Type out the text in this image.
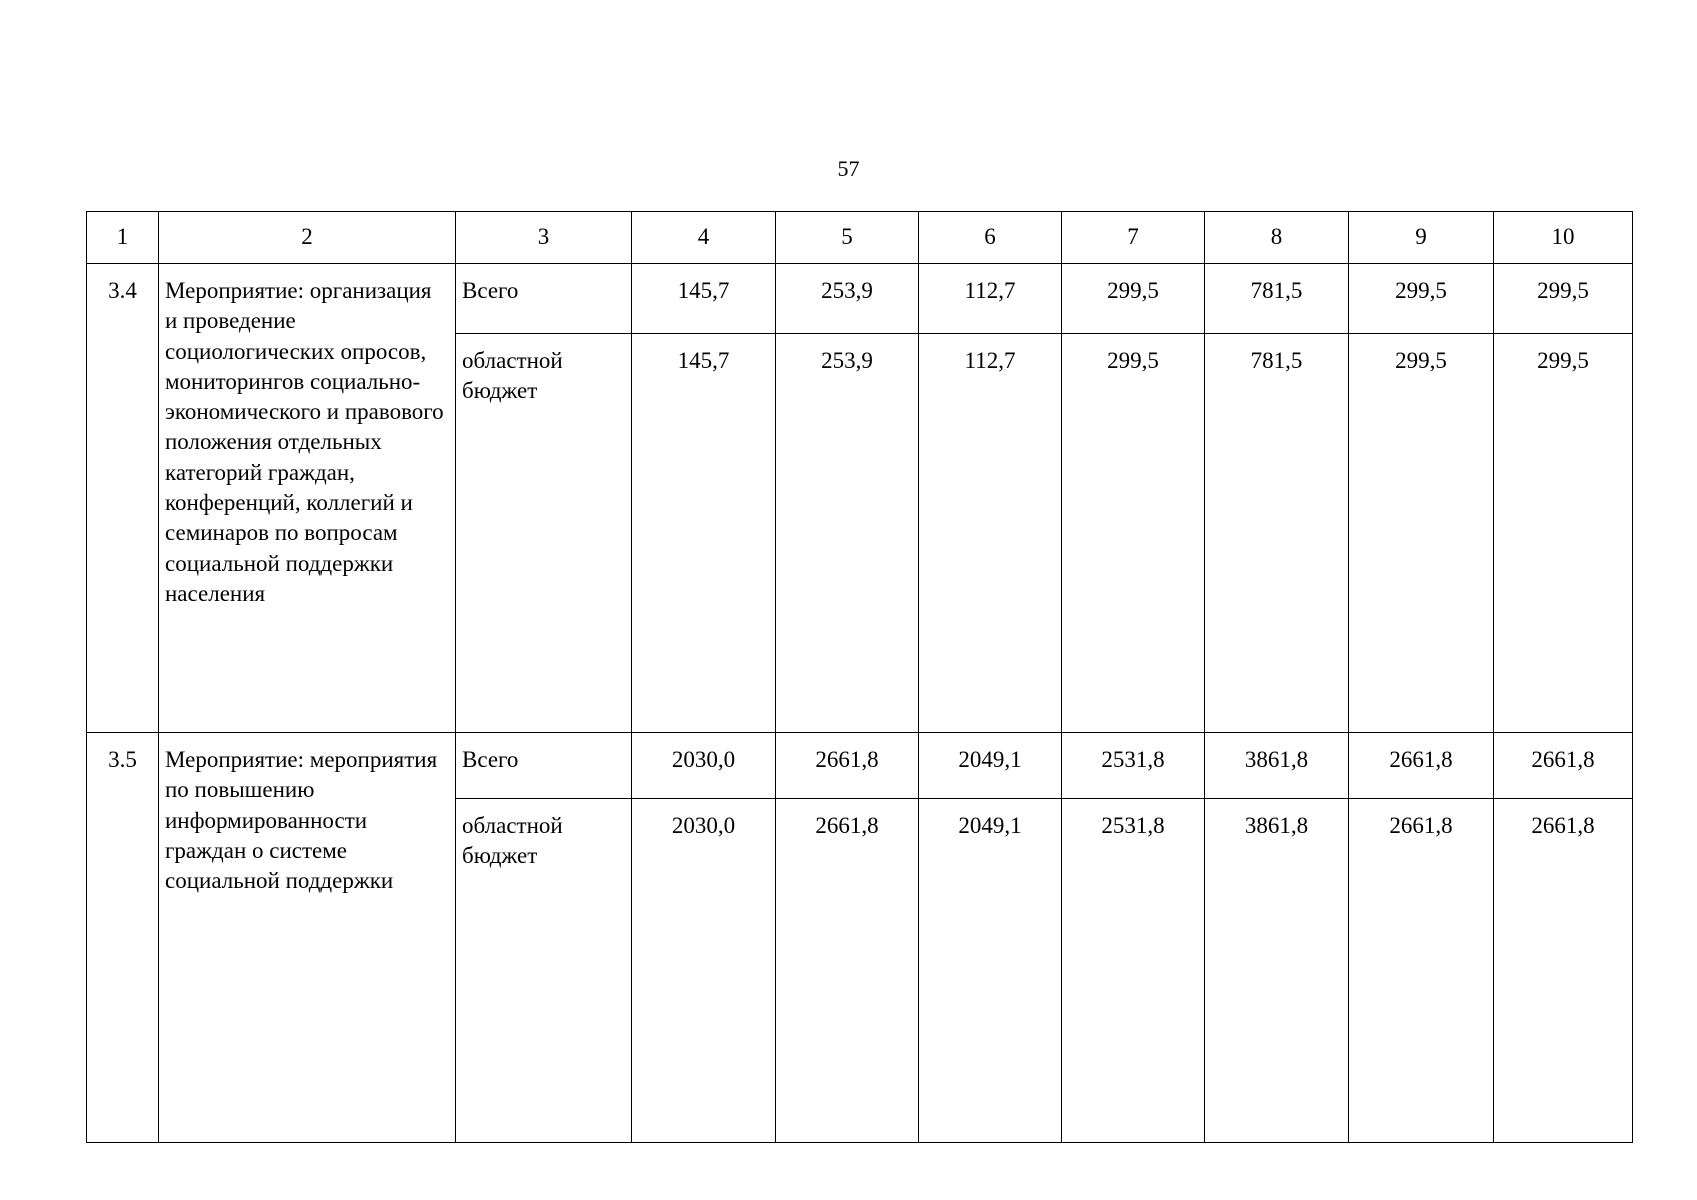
57
1	2	3	4	5	6	7	8	9	10
3.4	Мероприятие: организация и проведение социологических опросов, мониторингов социально-экономического и правового положения отдельных категорий граждан, конференций, коллегий и семинаров по вопросам социальной поддержки населения	Всего	145,7	253,9	112,7	299,5	781,5	299,5	299,5
		областной бюджет	145,7	253,9	112,7	299,5	781,5	299,5	299,5
3.5	Мероприятие: мероприятия по повышению информированности граждан о системе социальной поддержки	Всего	2030,0	2661,8	2049,1	2531,8	3861,8	2661,8	2661,8
		областной бюджет	2030,0	2661,8	2049,1	2531,8	3861,8	2661,8	2661,8
